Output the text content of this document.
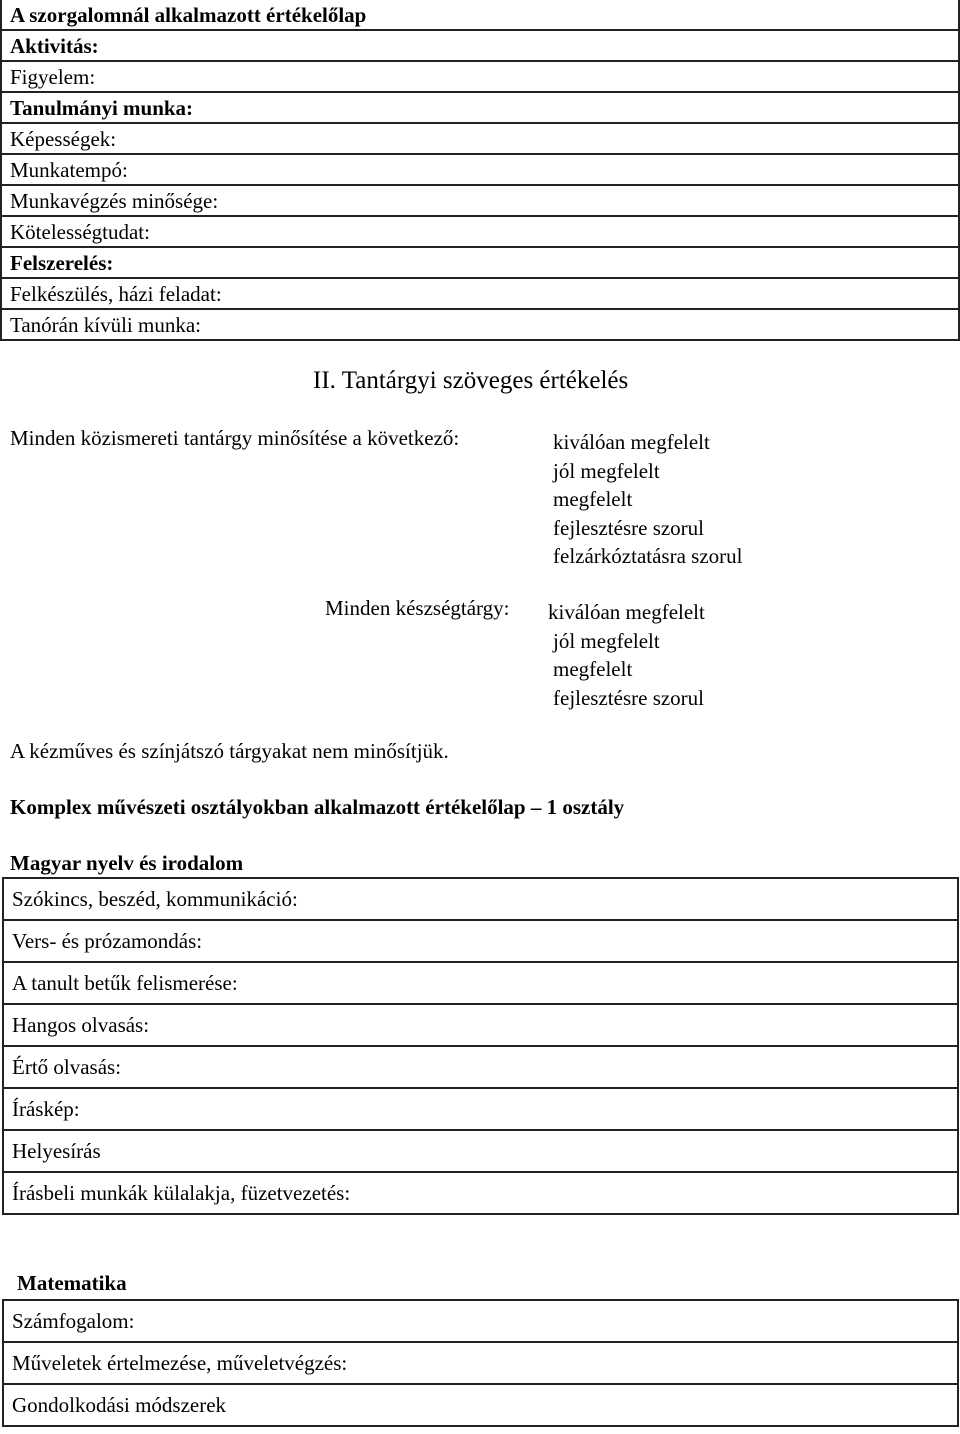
A szorgalomnál alkalmazott értékelőlap
Aktivitás:
Figyelem:
Tanulmányi munka:
Képességek:
Munkatempó:
Munkavégzés minősége:
Kötelességtudat:
Felszerelés:
Felkészülés, házi feladat:
Tanórán kívüli munka:
II. Tantárgyi szöveges értékelés
Minden közismereti tantárgy minősítése a következő:	kiválóan megfelelt
jól megfelelt
megfelelt
fejlesztésre szorul
felzárkóztatásra szorul
Minden készségtárgy: kiválóan megfelelt
jól megfelelt
megfelelt
fejlesztésre szorul
A kézműves és színjátszó tárgyakat nem minősítjük.
Komplex művészeti osztályokban alkalmazott értékelőlap – 1 osztály
Magyar nyelv és irodalom
Szókincs, beszéd, kommunikáció:
Vers- és prózamondás:
A tanult betűk felismerése:
Hangos olvasás:
Értő olvasás:
Íráskép:
Helyesírás
Írásbeli munkák külalakja, füzetvezetés:
Matematika
Számfogalom:
Műveletek értelmezése, műveletvégzés:
Gondolkodási módszerek
